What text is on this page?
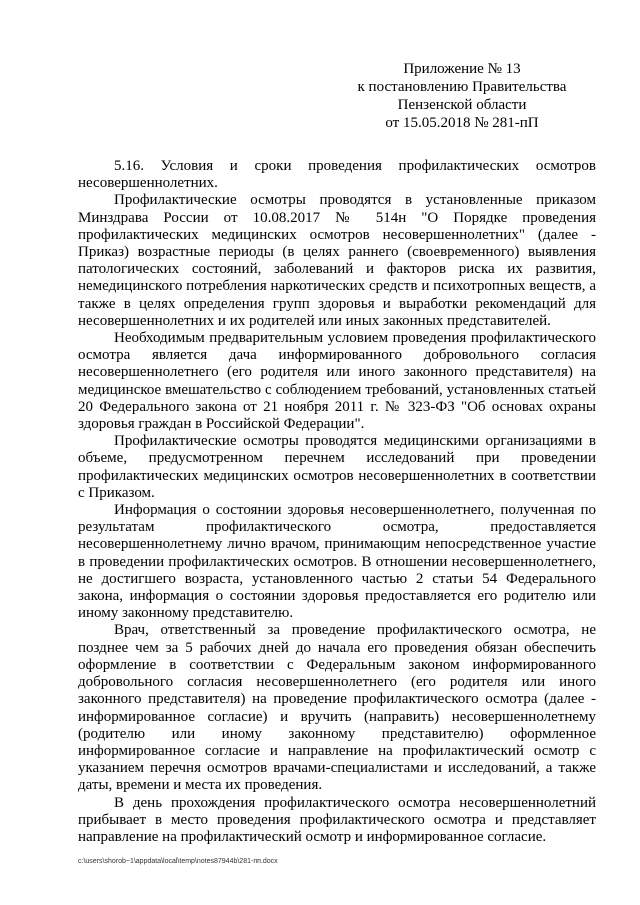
Приложение № 13
к постановлению Правительства
Пензенской области
от 15.05.2018 № 281-пП

5.16. Условия и сроки проведения профилактических осмотров несовершеннолетних.

Профилактические осмотры проводятся в установленные приказом Минздрава России от 10.08.2017 № 514н "О Порядке проведения профилактических медицинских осмотров несовершеннолетних" (далее - Приказ) возрастные периоды (в целях раннего (своевременного) выявления патологических состояний, заболеваний и факторов риска их развития, немедицинского потребления наркотических средств и психотропных веществ, а также в целях определения групп здоровья и выработки рекомендаций для несовершеннолетних и их родителей или иных законных представителей.

Необходимым предварительным условием проведения профилактического осмотра является дача информированного добровольного согласия несовершеннолетнего (его родителя или иного законного представителя) на медицинское вмешательство с соблюдением требований, установленных статьей 20 Федерального закона от 21 ноября 2011 г. № 323-ФЗ "Об основах охраны здоровья граждан в Российской Федерации".

Профилактические осмотры проводятся медицинскими организациями в объеме, предусмотренном перечнем исследований при проведении профилактических медицинских осмотров несовершеннолетних в соответствии с Приказом.

Информация о состоянии здоровья несовершеннолетнего, полученная по результатам профилактического осмотра, предоставляется несовершеннолетнему лично врачом, принимающим непосредственное участие в проведении профилактических осмотров. В отношении несовершеннолетнего, не достигшего возраста, установленного частью 2 статьи 54 Федерального закона, информация о состоянии здоровья предоставляется его родителю или иному законному представителю.

Врач, ответственный за проведение профилактического осмотра, не позднее чем за 5 рабочих дней до начала его проведения обязан обеспечить оформление в соответствии с Федеральным законом информированного добровольного согласия несовершеннолетнего (его родителя или иного законного представителя) на проведение профилактического осмотра (далее - информированное согласие) и вручить (направить) несовершеннолетнему (родителю или иному законному представителю) оформленное информированное согласие и направление на профилактический осмотр с указанием перечня осмотров врачами-специалистами и исследований, а также даты, времени и места их проведения.

В день прохождения профилактического осмотра несовершеннолетний прибывает в место проведения профилактического осмотра и представляет направление на профилактический осмотр и информированное согласие.

c:\users\shorob~1\appdata\local\temp\notes87944b\281-пп.docx
